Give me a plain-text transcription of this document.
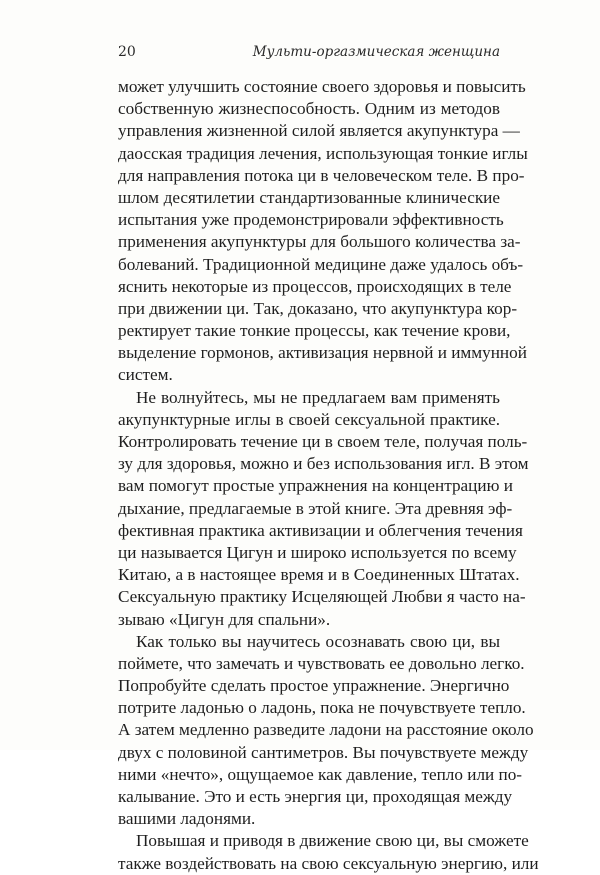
20	Мульти-оргазмическая женщина
может улучшить состояние своего здоровья и повысить
собственную жизнеспособность. Одним из методов
управления жизненной силой является акупунктура —
даосская традиция лечения, использующая тонкие иглы
для направления потока ци в человеческом теле. В про-
шлом десятилетии стандартизованные клинические
испытания уже продемонстрировали эффективность
применения акупунктуры для большого количества за-
болеваний. Традиционной медицине даже удалось объ-
яснить некоторые из процессов, происходящих в теле
при движении ци. Так, доказано, что акупунктура кор-
ректирует такие тонкие процессы, как течение крови,
выделение гормонов, активизация нервной и иммунной
систем.
Не волнуйтесь, мы не предлагаем вам применять
акупунктурные иглы в своей сексуальной практике.
Контролировать течение ци в своем теле, получая поль-
зу для здоровья, можно и без использования игл. В этом
вам помогут простые упражнения на концентрацию и
дыхание, предлагаемые в этой книге. Эта древняя эф-
фективная практика активизации и облегчения течения
ци называется Цигун и широко используется по всему
Китаю, а в настоящее время и в Соединенных Штатах.
Сексуальную практику Исцеляющей Любви я часто на-
зываю «Цигун для спальни».
Как только вы научитесь осознавать свою ци, вы
поймете, что замечать и чувствовать ее довольно легко.
Попробуйте сделать простое упражнение. Энергично
потрите ладонью о ладонь, пока не почувствуете тепло.
А затем медленно разведите ладони на расстояние около
двух с половиной сантиметров. Вы почувствуете между
ними «нечто», ощущаемое как давление, тепло или по-
калывание. Это и есть энергия ци, проходящая между
вашими ладонями.
Повышая и приводя в движение свою ци, вы сможете
также воздействовать на свою сексуальную энергию, или
